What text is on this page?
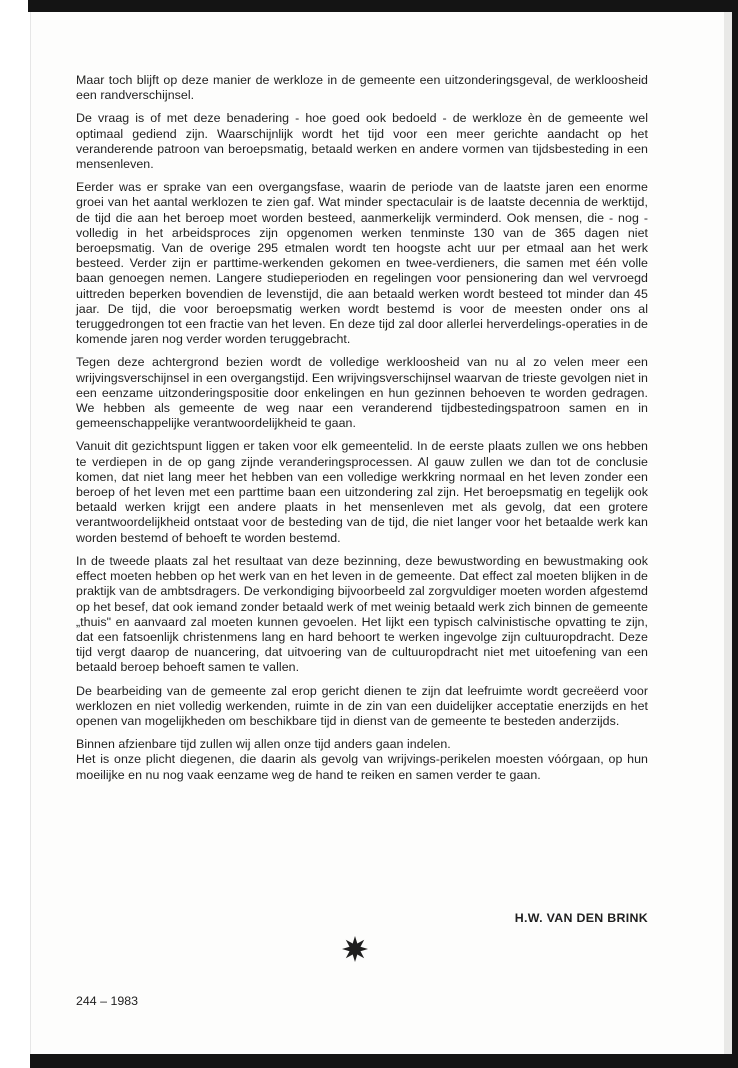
Maar toch blijft op deze manier de werkloze in de gemeente een uitzonderingsgeval, de werkloosheid een randverschijnsel.

De vraag is of met deze benadering - hoe goed ook bedoeld - de werkloze èn de gemeente wel optimaal gediend zijn. Waarschijnlijk wordt het tijd voor een meer gerichte aandacht op het veranderende patroon van beroepsmatig, betaald werken en andere vormen van tijdsbesteding in een mensenleven.

Eerder was er sprake van een overgangsfase, waarin de periode van de laatste jaren een enorme groei van het aantal werklozen te zien gaf. Wat minder spectaculair is de laatste decennia de werktijd, de tijd die aan het beroep moet worden besteed, aanmerkelijk verminderd. Ook mensen, die - nog - volledig in het arbeidsproces zijn opgenomen werken tenminste 130 van de 365 dagen niet beroepsmatig. Van de overige 295 etmalen wordt ten hoogste acht uur per etmaal aan het werk besteed. Verder zijn er parttime-werkenden gekomen en twee-verdieners, die samen met één volle baan genoegen nemen. Langere studieperioden en regelingen voor pensionering dan wel vervroegd uittreden beperken bovendien de levenstijd, die aan betaald werken wordt besteed tot minder dan 45 jaar. De tijd, die voor beroepsmatig werken wordt bestemd is voor de meesten onder ons al teruggedrongen tot een fractie van het leven. En deze tijd zal door allerlei herverdelings-operaties in de komende jaren nog verder worden teruggebracht.

Tegen deze achtergrond bezien wordt de volledige werkloosheid van nu al zo velen meer een wrijvingsverschijnsel in een overgangstijd. Een wrijvingsverschijnsel waarvan de trieste gevolgen niet in een eenzame uitzonderingspositie door enkelingen en hun gezinnen behoeven te worden gedragen. We hebben als gemeente de weg naar een veranderend tijdbestedingspatroon samen en in gemeenschappelijke verantwoordelijkheid te gaan.

Vanuit dit gezichtspunt liggen er taken voor elk gemeentelid. In de eerste plaats zullen we ons hebben te verdiepen in de op gang zijnde veranderingsprocessen. Al gauw zullen we dan tot de conclusie komen, dat niet lang meer het hebben van een volledige werkkring normaal en het leven zonder een beroep of het leven met een parttime baan een uitzondering zal zijn. Het beroepsmatig en tegelijk ook betaald werken krijgt een andere plaats in het mensenleven met als gevolg, dat een grotere verantwoordelijkheid ontstaat voor de besteding van de tijd, die niet langer voor het betaalde werk kan worden bestemd of behoeft te worden bestemd.

In de tweede plaats zal het resultaat van deze bezinning, deze bewustwording en bewustmaking ook effect moeten hebben op het werk van en het leven in de gemeente. Dat effect zal moeten blijken in de praktijk van de ambtsdragers. De verkondiging bijvoorbeeld zal zorgvuldiger moeten worden afgestemd op het besef, dat ook iemand zonder betaald werk of met weinig betaald werk zich binnen de gemeente „thuis" en aanvaard zal moeten kunnen gevoelen. Het lijkt een typisch calvinistische opvatting te zijn, dat een fatsoenlijk christenmens lang en hard behoort te werken ingevolge zijn cultuuropdracht. Deze tijd vergt daarop de nuancering, dat uitvoering van de cultuuropdracht niet met uitoefening van een betaald beroep behoeft samen te vallen.

De bearbeiding van de gemeente zal erop gericht dienen te zijn dat leefruimte wordt gecreëerd voor werklozen en niet volledig werkenden, ruimte in de zin van een duidelijker acceptatie enerzijds en het openen van mogelijkheden om beschikbare tijd in dienst van de gemeente te besteden anderzijds.

Binnen afzienbare tijd zullen wij allen onze tijd anders gaan indelen.

Het is onze plicht diegenen, die daarin als gevolg van wrijvings-perikelen moesten vóórgaan, op hun moeilijke en nu nog vaak eenzame weg de hand te reiken en samen verder te gaan.

H.W. VAN DEN BRINK
244 – 1983
